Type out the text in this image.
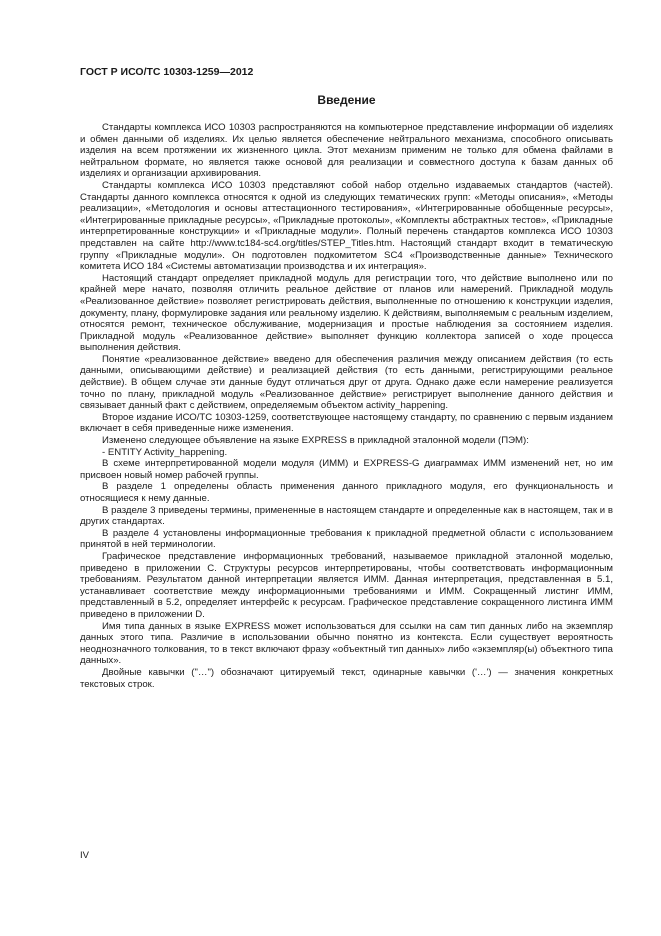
ГОСТ Р ИСО/ТС 10303-1259—2012
Введение

Стандарты комплекса ИСО 10303 распространяются на компьютерное представление информации об изделиях и обмен данными об изделиях. Их целью является обеспечение нейтрального механизма, способного описывать изделия на всем протяжении их жизненного цикла. Этот механизм применим не только для обмена файлами в нейтральном формате, но является также основой для реализации и совместного доступа к базам данных об изделиях и организации архивирования.

Стандарты комплекса ИСО 10303 представляют собой набор отдельно издаваемых стандартов (частей). Стандарты данного комплекса относятся к одной из следующих тематических групп: «Методы описания», «Методы реализации», «Методология и основы аттестационного тестирования», «Интегрированные обобщенные ресурсы», «Интегрированные прикладные ресурсы», «Прикладные протоколы», «Комплекты абстрактных тестов», «Прикладные интерпретированные конструкции» и «Прикладные модули». Полный перечень стандартов комплекса ИСО 10303 представлен на сайте http://www.tc184-sc4.org/titles/STEP_Titles.htm. Настоящий стандарт входит в тематическую группу «Прикладные модули». Он подготовлен подкомитетом SC4 «Производственные данные» Технического комитета ИСО 184 «Системы автоматизации производства и их интеграция».

Настоящий стандарт определяет прикладной модуль для регистрации того, что действие выполнено или по крайней мере начато, позволяя отличить реальное действие от планов или намерений. Прикладной модуль «Реализованное действие» позволяет регистрировать действия, выполненные по отношению к конструкции изделия, документу, плану, формулировке задания или реальному изделию. К действиям, выполняемым с реальным изделием, относятся ремонт, техническое обслуживание, модернизация и простые наблюдения за состоянием изделия. Прикладной модуль «Реализованное действие» выполняет функцию коллектора записей о ходе процесса выполнения действия.

Понятие «реализованное действие» введено для обеспечения различия между описанием действия (то есть данными, описывающими действие) и реализацией действия (то есть данными, регистрирующими реальное действие). В общем случае эти данные будут отличаться друг от друга. Однако даже если намерение реализуется точно по плану, прикладной модуль «Реализованное действие» регистрирует выполнение данного действия и связывает данный факт с действием, определяемым объектом activity_happening.

Второе издание ИСО/ТС 10303-1259, соответствующее настоящему стандарту, по сравнению с первым изданием включает в себя приведенные ниже изменения.

Изменено следующее объявление на языке EXPRESS в прикладной эталонной модели (ПЭМ):

- ENTITY Activity_happening.

В схеме интерпретированной модели модуля (ИММ) и EXPRESS-G диаграммах ИММ изменений нет, но им присвоен новый номер рабочей группы.

В разделе 1 определены область применения данного прикладного модуля, его функциональность и относящиеся к нему данные.

В разделе 3 приведены термины, примененные в настоящем стандарте и определенные как в настоящем, так и в других стандартах.

В разделе 4 установлены информационные требования к прикладной предметной области с использованием принятой в ней терминологии.

Графическое представление информационных требований, называемое прикладной эталонной моделью, приведено в приложении С. Структуры ресурсов интерпретированы, чтобы соответствовать информационным требованиям. Результатом данной интерпретации является ИММ. Данная интерпретация, представленная в 5.1, устанавливает соответствие между информационными требованиями и ИММ. Сокращенный листинг ИММ, представленный в 5.2, определяет интерфейс к ресурсам. Графическое представление сокращенного листинга ИММ приведено в приложении D.

Имя типа данных в языке EXPRESS может использоваться для ссылки на сам тип данных либо на экземпляр данных этого типа. Различие в использовании обычно понятно из контекста. Если существует вероятность неоднозначного толкования, то в текст включают фразу «объектный тип данных» либо «экземпляр(ы) объектного типа данных».

Двойные кавычки ("…") обозначают цитируемый текст, одинарные кавычки ('…') — значения конкретных текстовых строк.

IV
